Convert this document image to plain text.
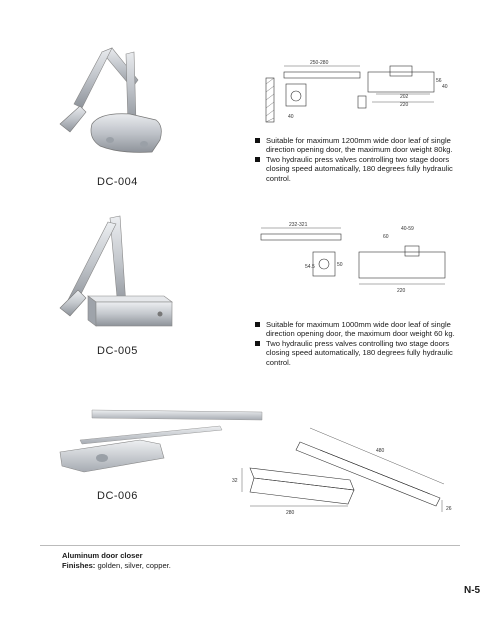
DC-004
250-280
40
202
220
56
40
Suitable for maximum 1200mm wide door leaf of single direction opening door, the maximum door weight 80kg.
Two hydraulic press valves controlling two stage doors closing speed automatically, 180 degrees fully hydraulic control.
DC-005
232-321
54.5	50
40-59
60
220
Suitable for maximum 1000mm wide door leaf of single direction opening door, the maximum door weight 60 kg.
Two hydraulic press valves controlling two stage doors closing speed automatically, 180 degrees fully hydraulic control.
DC-006
480
32
280
26
Aluminum door closer
Finishes: golden, silver, copper.
N-5
